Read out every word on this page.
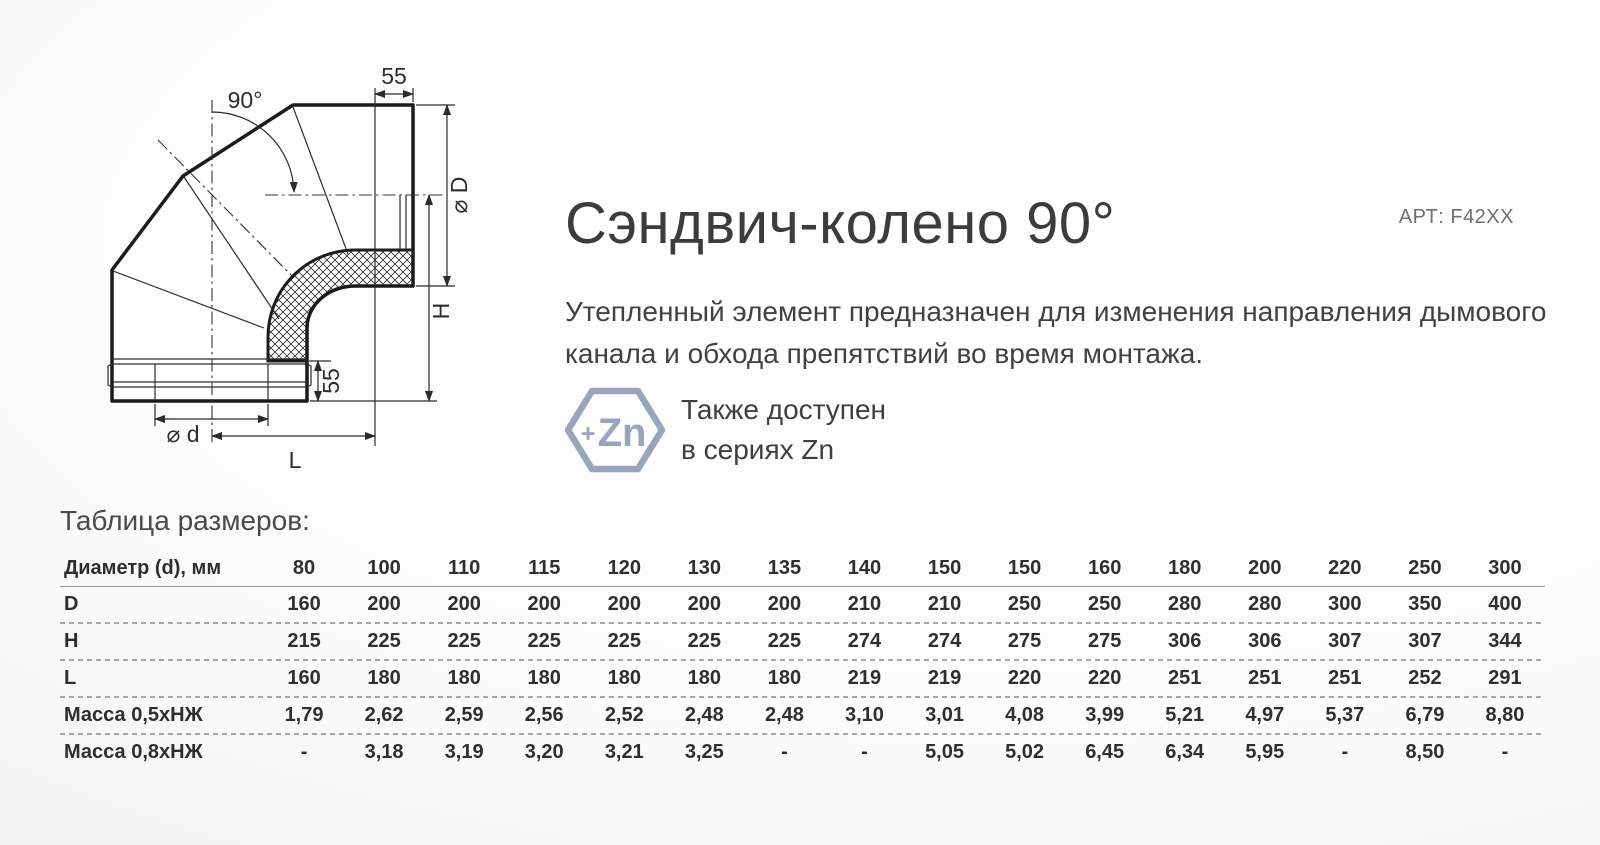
90°
55
⌀ D
H
55
⌀ d
L
Сэндвич-колено 90°	АРТ: F42XX
Утепленный элемент предназначен для изменения направления дымового канала и обхода препятствий во время монтажа.
+ Zn
Также доступен
в сериях Zn
Таблица размеров:
Диаметр (d), мм	80	100	110	115	120	130	135	140	150	150	160	180	200	220	250	300
D	160	200	200	200	200	200	200	210	210	250	250	280	280	300	350	400
H	215	225	225	225	225	225	225	274	274	275	275	306	306	307	307	344
L	160	180	180	180	180	180	180	219	219	220	220	251	251	251	252	291
Масса 0,5хНЖ	1,79	2,62	2,59	2,56	2,52	2,48	2,48	3,10	3,01	4,08	3,99	5,21	4,97	5,37	6,79	8,80
Масса 0,8хНЖ	-	3,18	3,19	3,20	3,21	3,25	-	-	5,05	5,02	6,45	6,34	5,95	-	8,50	-
